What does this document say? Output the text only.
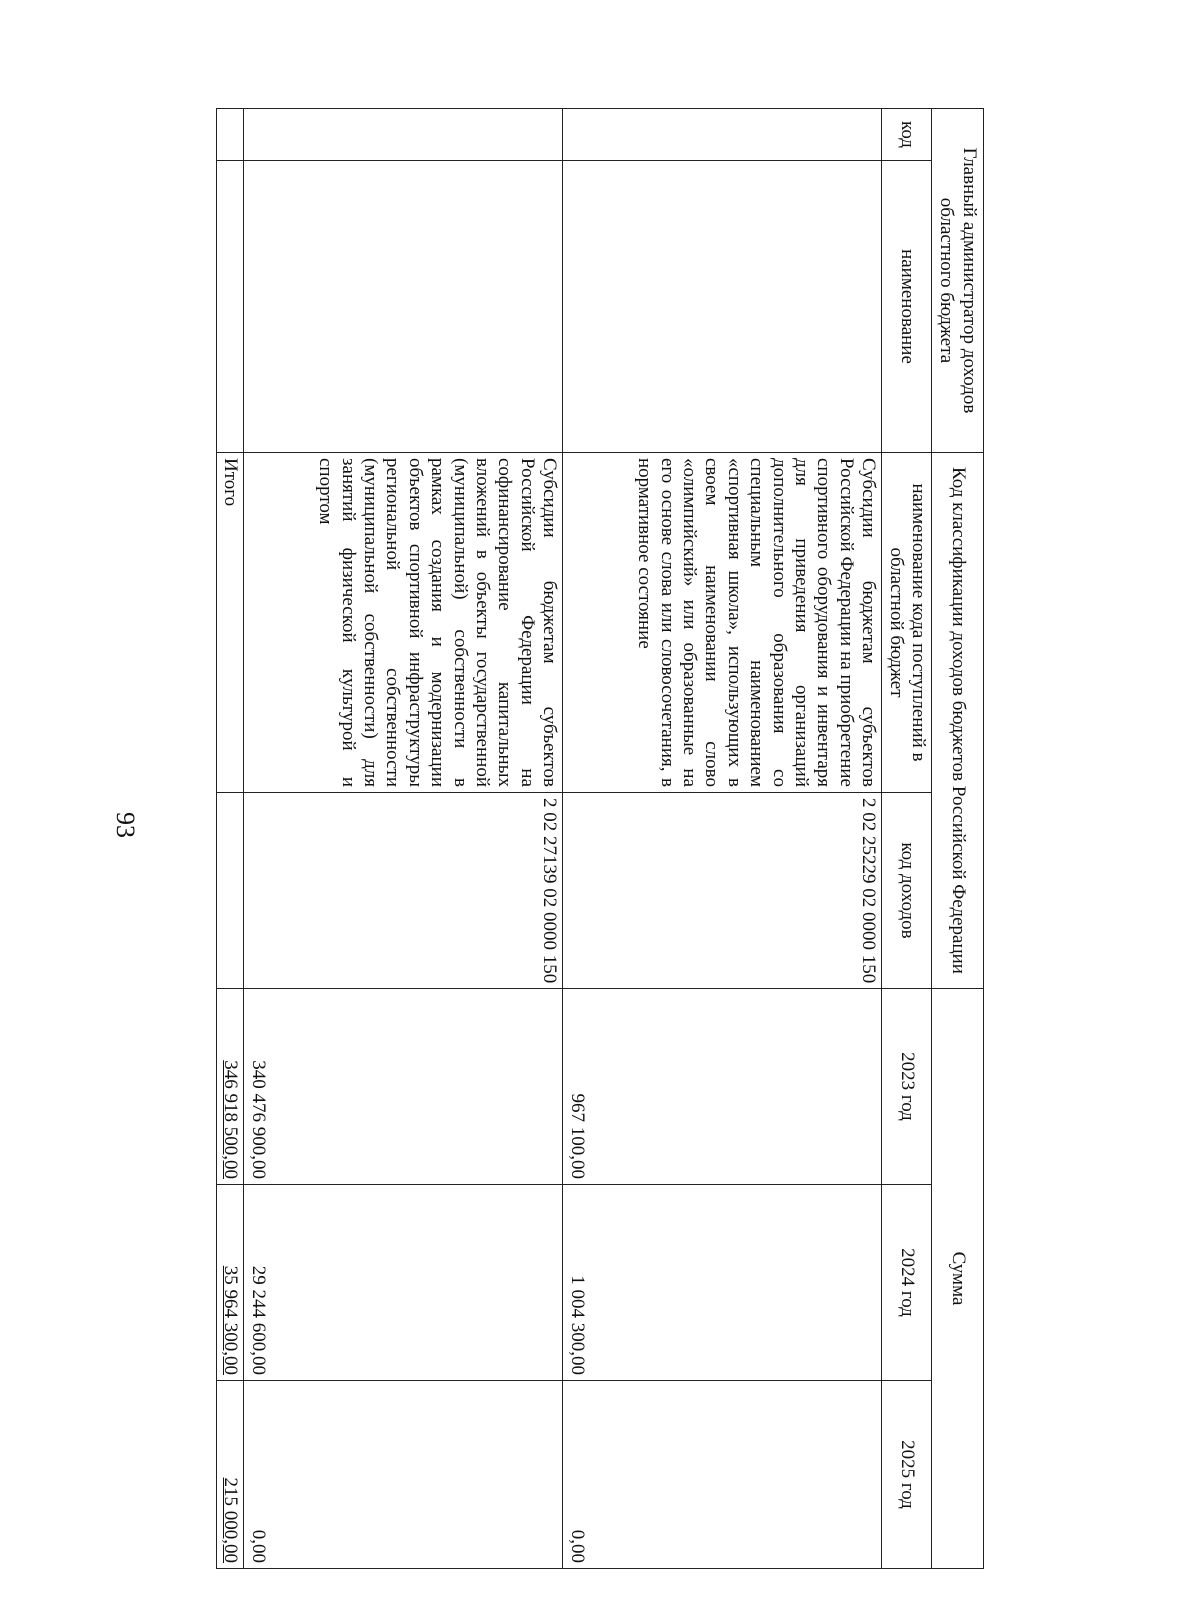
93
Главный администратор доходов областного бюджета		Код классификации доходов бюджетов Российской Федерации		Сумма		
код	наименование	наименование кода поступлений в областной бюджет	код доходов	2023 год	2024 год	2025 год
		Субсидии бюджетам субъектов Российской Федерации на приобретение спортивного оборудования и инвентаря для приведения организаций дополнительного образования со специальным наименованием «спортивная школа», использующих в своем наименовании слово «олимпийский» или образованные на его основе слова или словосочетания, в нормативное состояние	2 02 25229 02 0000 150	967 100,00	1 004 300,00	0,00
		Субсидии бюджетам субъектов Российской Федерации на софинансирование капитальных вложений в объекты государственной (муниципальной) собственности в рамках создания и модернизации объектов спортивной инфраструктуры региональной собственности (муниципальной собственности) для занятий физической культурой и спортом	2 02 27139 02 0000 150	340 476 900,00	29 244 600,00	0,00
		Итого		346 918 500,00	35 964 300,00	215 000,00
